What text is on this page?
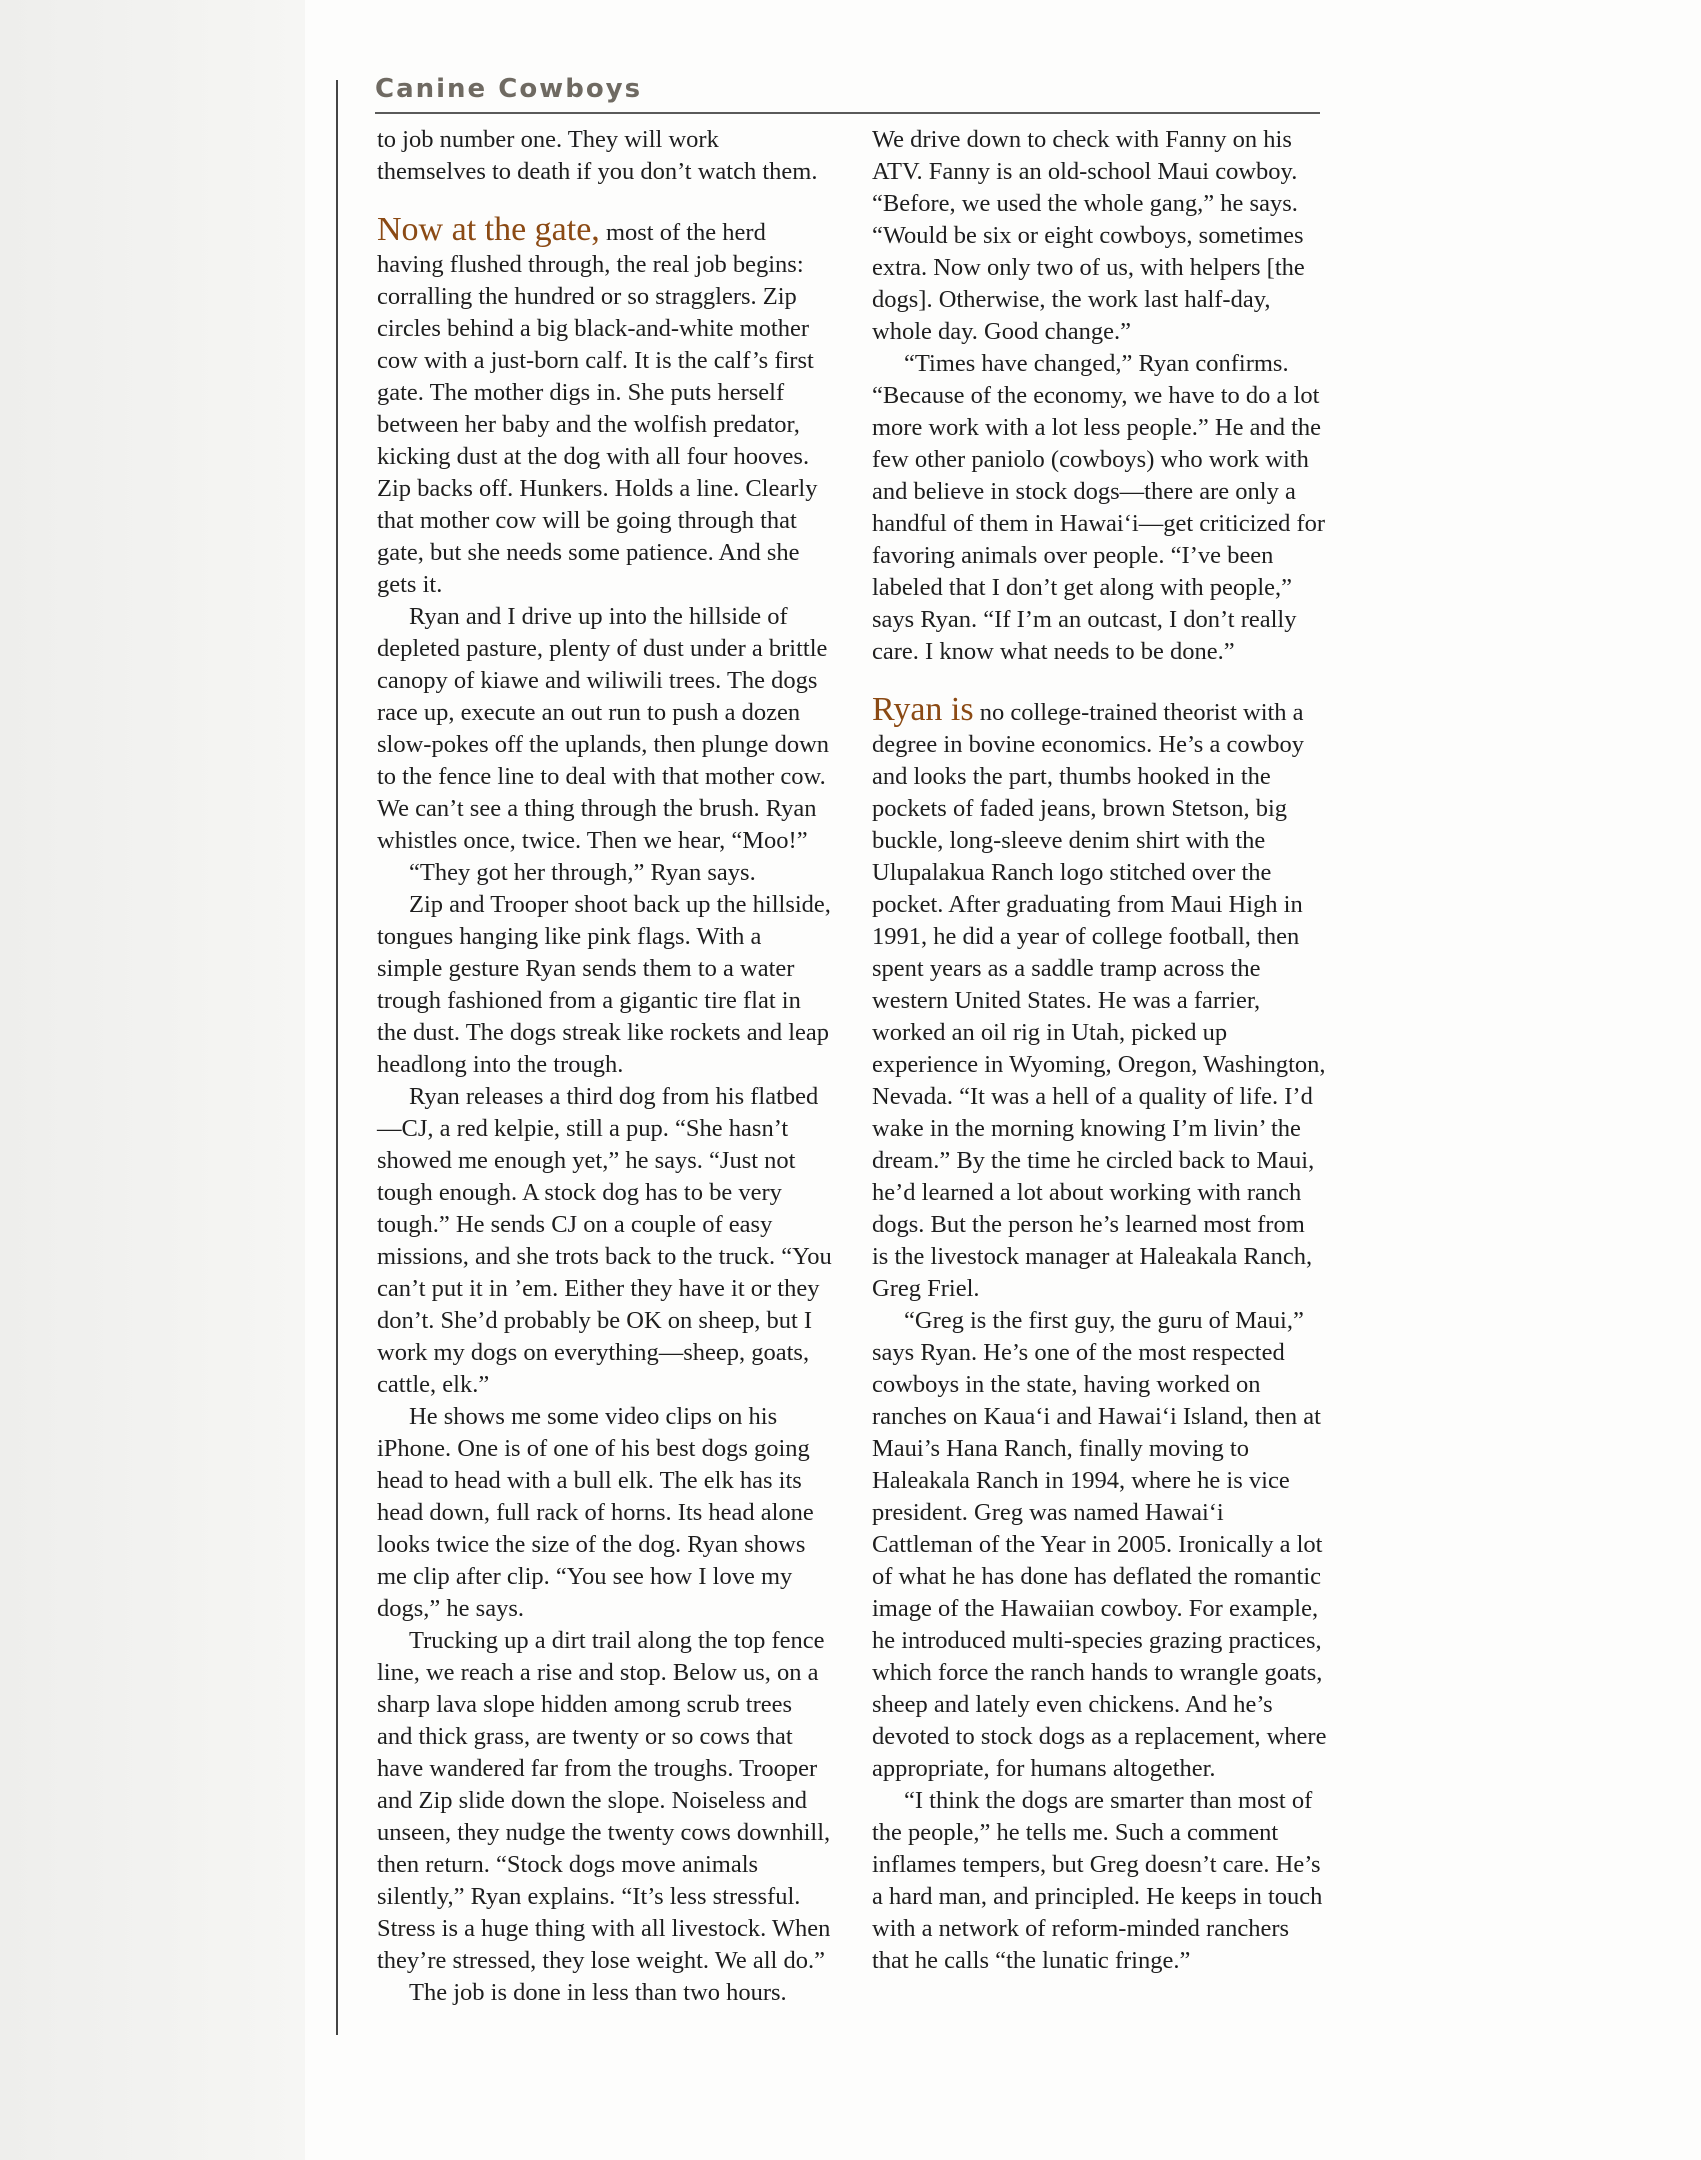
Canine Cowboys

to job number one. They will work themselves to death if you don’t watch them.

Now at the gate, most of the herd having flushed through, the real job begins: corralling the hundred or so stragglers. Zip circles behind a big black-and-white mother cow with a just-born calf. It is the calf’s first gate. The mother digs in. She puts herself between her baby and the wolfish predator, kicking dust at the dog with all four hooves. Zip backs off. Hunkers. Holds a line. Clearly that mother cow will be going through that gate, but she needs some patience. And she gets it.

Ryan and I drive up into the hillside of depleted pasture, plenty of dust under a brittle canopy of kiawe and wiliwili trees. The dogs race up, execute an out run to push a dozen slow-pokes off the uplands, then plunge down to the fence line to deal with that mother cow. We can’t see a thing through the brush. Ryan whistles once, twice. Then we hear, “Moo!”

“They got her through,” Ryan says.

Zip and Trooper shoot back up the hillside, tongues hanging like pink flags. With a simple gesture Ryan sends them to a water trough fashioned from a gigantic tire flat in the dust. The dogs streak like rockets and leap headlong into the trough.

Ryan releases a third dog from his flatbed—CJ, a red kelpie, still a pup. “She hasn’t showed me enough yet,” he says. “Just not tough enough. A stock dog has to be very tough.” He sends CJ on a couple of easy missions, and she trots back to the truck. “You can’t put it in ’em. Either they have it or they don’t. She’d probably be OK on sheep, but I work my dogs on everything—sheep, goats, cattle, elk.”

He shows me some video clips on his iPhone. One is of one of his best dogs going head to head with a bull elk. The elk has its head down, full rack of horns. Its head alone looks twice the size of the dog. Ryan shows me clip after clip. “You see how I love my dogs,” he says.

Trucking up a dirt trail along the top fence line, we reach a rise and stop. Below us, on a sharp lava slope hidden among scrub trees and thick grass, are twenty or so cows that have wandered far from the troughs. Trooper and Zip slide down the slope. Noiseless and unseen, they nudge the twenty cows downhill, then return. “Stock dogs move animals silently,” Ryan explains. “It’s less stressful. Stress is a huge thing with all livestock. When they’re stressed, they lose weight. We all do.”

The job is done in less than two hours.

We drive down to check with Fanny on his ATV. Fanny is an old-school Maui cowboy. “Before, we used the whole gang,” he says. “Would be six or eight cowboys, sometimes extra. Now only two of us, with helpers [the dogs]. Otherwise, the work last half-day, whole day. Good change.”

“Times have changed,” Ryan confirms. “Because of the economy, we have to do a lot more work with a lot less people.” He and the few other paniolo (cowboys) who work with and believe in stock dogs—there are only a handful of them in Hawai‘i—get criticized for favoring animals over people. “I’ve been labeled that I don’t get along with people,” says Ryan. “If I’m an outcast, I don’t really care. I know what needs to be done.”

Ryan is no college-trained theorist with a degree in bovine economics. He’s a cowboy and looks the part, thumbs hooked in the pockets of faded jeans, brown Stetson, big buckle, long-sleeve denim shirt with the Ulupalakua Ranch logo stitched over the pocket. After graduating from Maui High in 1991, he did a year of college football, then spent years as a saddle tramp across the western United States. He was a farrier, worked an oil rig in Utah, picked up experience in Wyoming, Oregon, Washington, Nevada. “It was a hell of a quality of life. I’d wake in the morning knowing I’m livin’ the dream.” By the time he circled back to Maui, he’d learned a lot about working with ranch dogs. But the person he’s learned most from is the livestock manager at Haleakala Ranch, Greg Friel.

“Greg is the first guy, the guru of Maui,” says Ryan. He’s one of the most respected cowboys in the state, having worked on ranches on Kaua‘i and Hawai‘i Island, then at Maui’s Hana Ranch, finally moving to Haleakala Ranch in 1994, where he is vice president. Greg was named Hawai‘i Cattleman of the Year in 2005. Ironically a lot of what he has done has deflated the romantic image of the Hawaiian cowboy. For example, he introduced multi-species grazing practices, which force the ranch hands to wrangle goats, sheep and lately even chickens. And he’s devoted to stock dogs as a replacement, where appropriate, for humans altogether.

“I think the dogs are smarter than most of the people,” he tells me. Such a comment inflames tempers, but Greg doesn’t care. He’s a hard man, and principled. He keeps in touch with a network of reform-minded ranchers that he calls “the lunatic fringe.”
